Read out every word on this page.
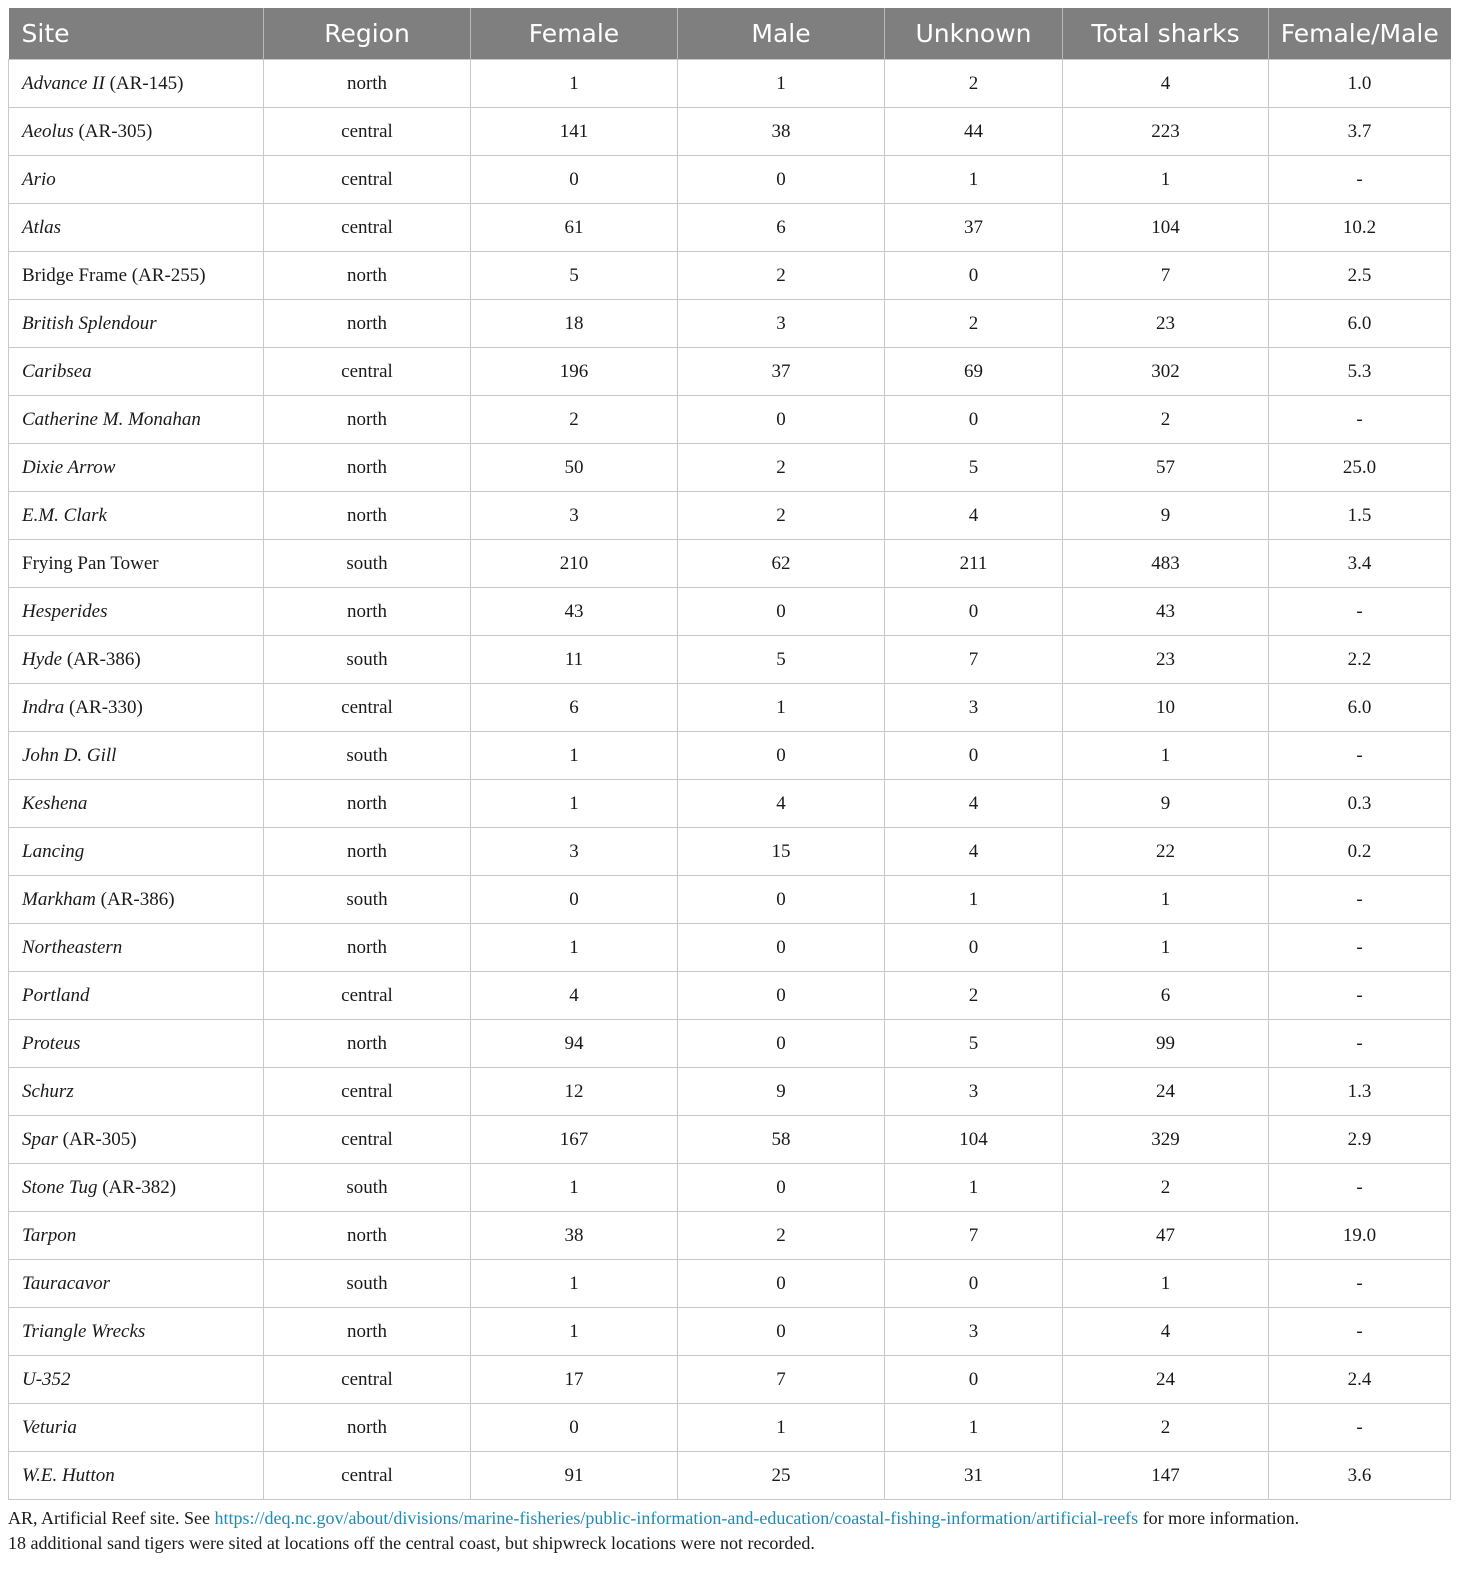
Site	Region	Female	Male	Unknown	Total sharks	Female/Male
Advance II (AR-145)	north	1	1	2	4	1.0
Aeolus (AR-305)	central	141	38	44	223	3.7
Ario	central	0	0	1	1	-
Atlas	central	61	6	37	104	10.2
Bridge Frame (AR-255)	north	5	2	0	7	2.5
British Splendour	north	18	3	2	23	6.0
Caribsea	central	196	37	69	302	5.3
Catherine M. Monahan	north	2	0	0	2	-
Dixie Arrow	north	50	2	5	57	25.0
E.M. Clark	north	3	2	4	9	1.5
Frying Pan Tower	south	210	62	211	483	3.4
Hesperides	north	43	0	0	43	-
Hyde (AR-386)	south	11	5	7	23	2.2
Indra (AR-330)	central	6	1	3	10	6.0
John D. Gill	south	1	0	0	1	-
Keshena	north	1	4	4	9	0.3
Lancing	north	3	15	4	22	0.2
Markham (AR-386)	south	0	0	1	1	-
Northeastern	north	1	0	0	1	-
Portland	central	4	0	2	6	-
Proteus	north	94	0	5	99	-
Schurz	central	12	9	3	24	1.3
Spar (AR-305)	central	167	58	104	329	2.9
Stone Tug (AR-382)	south	1	0	1	2	-
Tarpon	north	38	2	7	47	19.0
Tauracavor	south	1	0	0	1	-
Triangle Wrecks	north	1	0	3	4	-
U-352	central	17	7	0	24	2.4
Veturia	north	0	1	1	2	-
W.E. Hutton	central	91	25	31	147	3.6
AR, Artificial Reef site. See https://deq.nc.gov/about/divisions/marine-fisheries/public-information-and-education/coastal-fishing-information/artificial-reefs for more information.
18 additional sand tigers were sited at locations off the central coast, but shipwreck locations were not recorded.
